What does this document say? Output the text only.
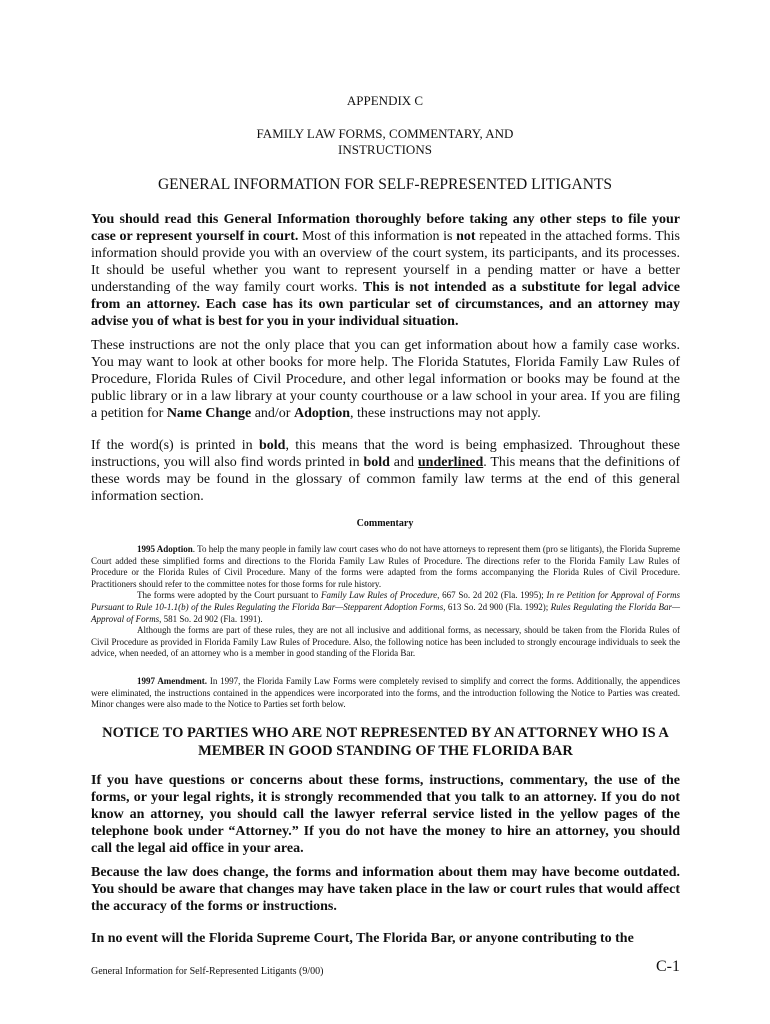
APPENDIX C
FAMILY LAW FORMS, COMMENTARY, AND
INSTRUCTIONS
GENERAL INFORMATION FOR SELF-REPRESENTED LITIGANTS

You should read this General Information thoroughly before taking any other steps to file your case or represent yourself in court. Most of this information is not repeated in the attached forms. This information should provide you with an overview of the court system, its participants, and its processes. It should be useful whether you want to represent yourself in a pending matter or have a better understanding of the way family court works. This is not intended as a substitute for legal advice from an attorney. Each case has its own particular set of circumstances, and an attorney may advise you of what is best for you in your individual situation.

These instructions are not the only place that you can get information about how a family case works. You may want to look at other books for more help. The Florida Statutes, Florida Family Law Rules of Procedure, Florida Rules of Civil Procedure, and other legal information or books may be found at the public library or in a law library at your county courthouse or a law school in your area. If you are filing a petition for Name Change and/or Adoption, these instructions may not apply.

If the word(s) is printed in bold, this means that the word is being emphasized. Throughout these instructions, you will also find words printed in bold and underlined. This means that the definitions of these words may be found in the glossary of common family law terms at the end of this general information section.

Commentary

1995 Adoption. To help the many people in family law court cases who do not have attorneys to represent them (pro se litigants), the Florida Supreme Court added these simplified forms and directions to the Florida Family Law Rules of Procedure. The directions refer to the Florida Family Law Rules of Procedure or the Florida Rules of Civil Procedure. Many of the forms were adapted from the forms accompanying the Florida Rules of Civil Procedure. Practitioners should refer to the committee notes for those forms for rule history.
The forms were adopted by the Court pursuant to Family Law Rules of Procedure, 667 So. 2d 202 (Fla. 1995); In re Petition for Approval of Forms Pursuant to Rule 10-1.1(b) of the Rules Regulating the Florida Bar—Stepparent Adoption Forms, 613 So. 2d 900 (Fla. 1992); Rules Regulating the Florida Bar—Approval of Forms, 581 So. 2d 902 (Fla. 1991).
Although the forms are part of these rules, they are not all inclusive and additional forms, as necessary, should be taken from the Florida Rules of Civil Procedure as provided in Florida Family Law Rules of Procedure. Also, the following notice has been included to strongly encourage individuals to seek the advice, when needed, of an attorney who is a member in good standing of the Florida Bar.

1997 Amendment. In 1997, the Florida Family Law Forms were completely revised to simplify and correct the forms. Additionally, the appendices were eliminated, the instructions contained in the appendices were incorporated into the forms, and the introduction following the Notice to Parties was created. Minor changes were also made to the Notice to Parties set forth below.

NOTICE TO PARTIES WHO ARE NOT REPRESENTED BY AN ATTORNEY WHO IS A
MEMBER IN GOOD STANDING OF THE FLORIDA BAR

If you have questions or concerns about these forms, instructions, commentary, the use of the forms, or your legal rights, it is strongly recommended that you talk to an attorney. If you do not know an attorney, you should call the lawyer referral service listed in the yellow pages of the telephone book under “Attorney.” If you do not have the money to hire an attorney, you should call the legal aid office in your area.

Because the law does change, the forms and information about them may have become outdated. You should be aware that changes may have taken place in the law or court rules that would affect the accuracy of the forms or instructions.

In no event will the Florida Supreme Court, The Florida Bar, or anyone contributing to the

General Information for Self-Represented Litigants (9/00)	C-1
